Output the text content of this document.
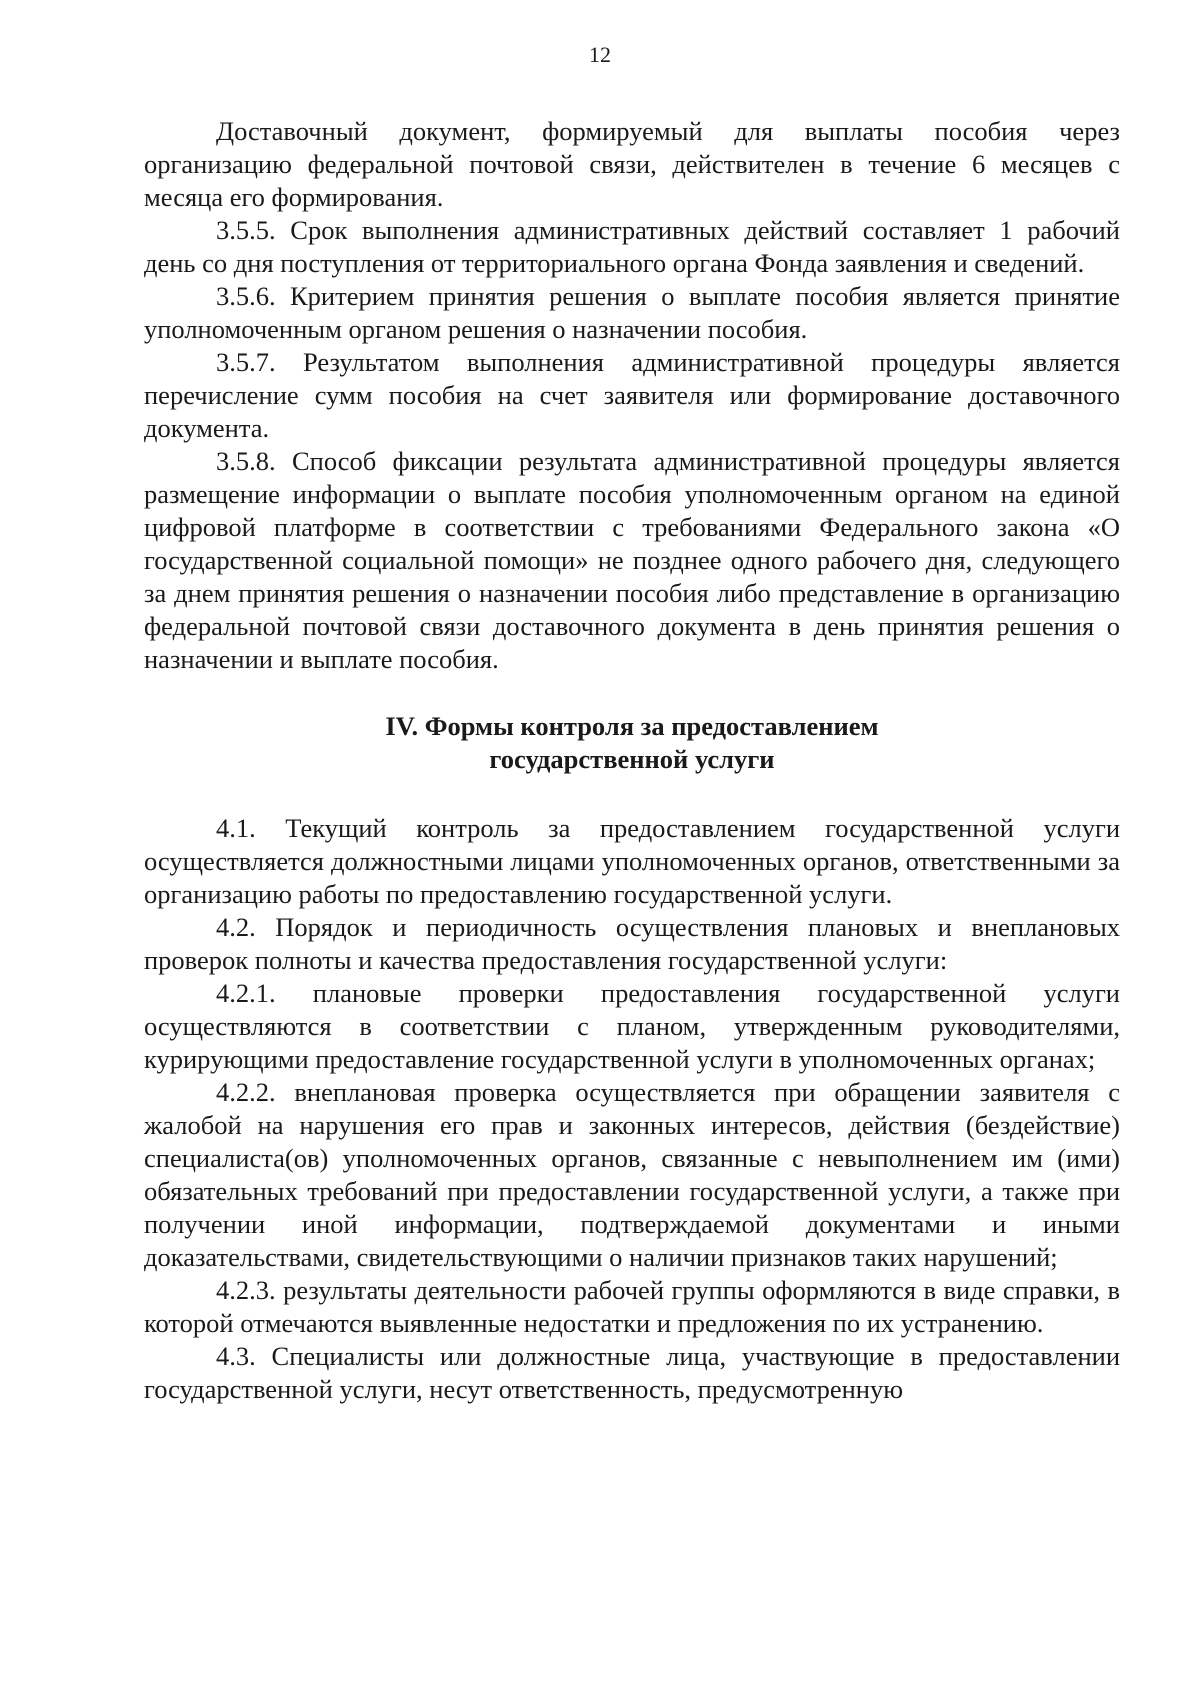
12

Доставочный документ, формируемый для выплаты пособия через организацию федеральной почтовой связи, действителен в течение 6 месяцев с месяца его формирования.

3.5.5. Срок выполнения административных действий составляет 1 рабочий день со дня поступления от территориального органа Фонда заявления и сведений.

3.5.6. Критерием принятия решения о выплате пособия является принятие уполномоченным органом решения о назначении пособия.

3.5.7. Результатом выполнения административной процедуры является перечисление сумм пособия на счет заявителя или формирование доставочного документа.

3.5.8. Способ фиксации результата административной процедуры является размещение информации о выплате пособия уполномоченным органом на единой цифровой платформе в соответствии с требованиями Федерального закона «О государственной социальной помощи» не позднее одного рабочего дня, следующего за днем принятия решения о назначении пособия либо представление в организацию федеральной почтовой связи доставочного документа в день принятия решения о назначении и выплате пособия.

IV. Формы контроля за предоставлением
государственной услуги

4.1. Текущий контроль за предоставлением государственной услуги осуществляется должностными лицами уполномоченных органов, ответственными за организацию работы по предоставлению государственной услуги.

4.2. Порядок и периодичность осуществления плановых и внеплановых проверок полноты и качества предоставления государственной услуги:

4.2.1. плановые проверки предоставления государственной услуги осуществляются в соответствии с планом, утвержденным руководителями, курирующими предоставление государственной услуги в уполномоченных органах;

4.2.2. внеплановая проверка осуществляется при обращении заявителя с жалобой на нарушения его прав и законных интересов, действия (бездействие) специалиста(ов) уполномоченных органов, связанные с невыполнением им (ими) обязательных требований при предоставлении государственной услуги, а также при получении иной информации, подтверждаемой документами и иными доказательствами, свидетельствующими о наличии признаков таких нарушений;

4.2.3. результаты деятельности рабочей группы оформляются в виде справки, в которой отмечаются выявленные недостатки и предложения по их устранению.

4.3. Специалисты или должностные лица, участвующие в предоставлении государственной услуги, несут ответственность, предусмотренную
